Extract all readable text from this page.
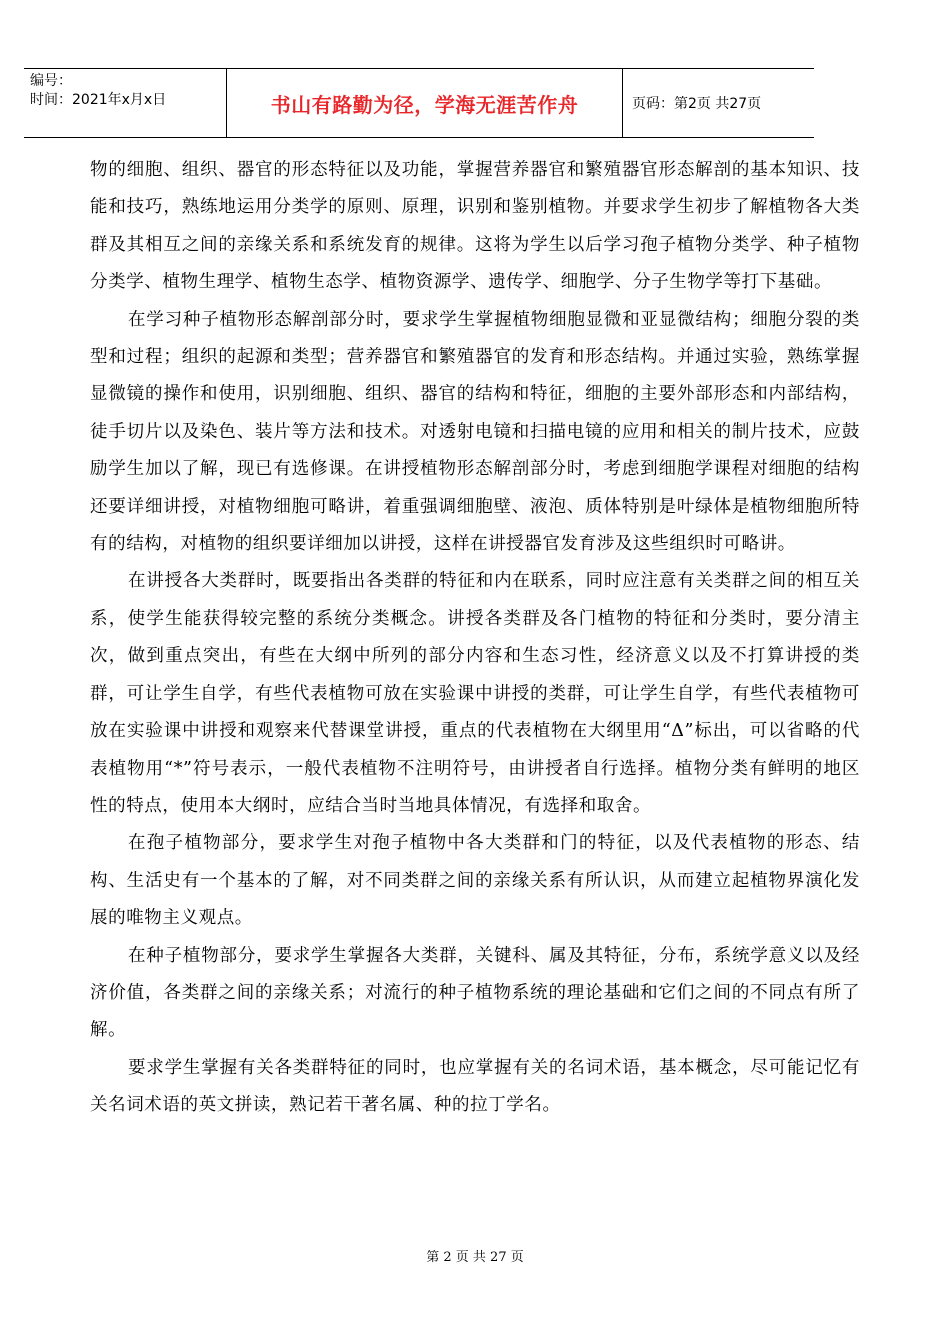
编号：
时间：2021年x月x日	书山有路勤为径，学海无涯苦作舟	页码：第2页 共27页

物的细胞、组织、器官的形态特征以及功能，掌握营养器官和繁殖器官形态解剖的基本知识、技能和技巧，熟练地运用分类学的原则、原理，识别和鉴别植物。并要求学生初步了解植物各大类群及其相互之间的亲缘关系和系统发育的规律。这将为学生以后学习孢子植物分类学、种子植物分类学、植物生理学、植物生态学、植物资源学、遗传学、细胞学、分子生物学等打下基础。

在学习种子植物形态解剖部分时，要求学生掌握植物细胞显微和亚显微结构；细胞分裂的类型和过程；组织的起源和类型；营养器官和繁殖器官的发育和形态结构。并通过实验，熟练掌握显微镜的操作和使用，识别细胞、组织、器官的结构和特征，细胞的主要外部形态和内部结构，徒手切片以及染色、装片等方法和技术。对透射电镜和扫描电镜的应用和相关的制片技术，应鼓励学生加以了解，现已有选修课。在讲授植物形态解剖部分时，考虑到细胞学课程对细胞的结构还要详细讲授，对植物细胞可略讲，着重强调细胞壁、液泡、质体特别是叶绿体是植物细胞所特有的结构，对植物的组织要详细加以讲授，这样在讲授器官发育涉及这些组织时可略讲。

在讲授各大类群时，既要指出各类群的特征和内在联系，同时应注意有关类群之间的相互关系，使学生能获得较完整的系统分类概念。讲授各类群及各门植物的特征和分类时，要分清主次，做到重点突出，有些在大纲中所列的部分内容和生态习性，经济意义以及不打算讲授的类群，可让学生自学，有些代表植物可放在实验课中讲授的类群，可让学生自学，有些代表植物可放在实验课中讲授和观察来代替课堂讲授，重点的代表植物在大纲里用“Δ”标出，可以省略的代表植物用“*”符号表示，一般代表植物不注明符号，由讲授者自行选择。植物分类有鲜明的地区性的特点，使用本大纲时，应结合当时当地具体情况，有选择和取舍。

在孢子植物部分，要求学生对孢子植物中各大类群和门的特征，以及代表植物的形态、结构、生活史有一个基本的了解，对不同类群之间的亲缘关系有所认识，从而建立起植物界演化发展的唯物主义观点。

在种子植物部分，要求学生掌握各大类群，关键科、属及其特征，分布，系统学意义以及经济价值，各类群之间的亲缘关系；对流行的种子植物系统的理论基础和它们之间的不同点有所了解。

要求学生掌握有关各类群特征的同时，也应掌握有关的名词术语，基本概念，尽可能记忆有关名词术语的英文拼读，熟记若干著名属、种的拉丁学名。

第 2 页 共 27 页
